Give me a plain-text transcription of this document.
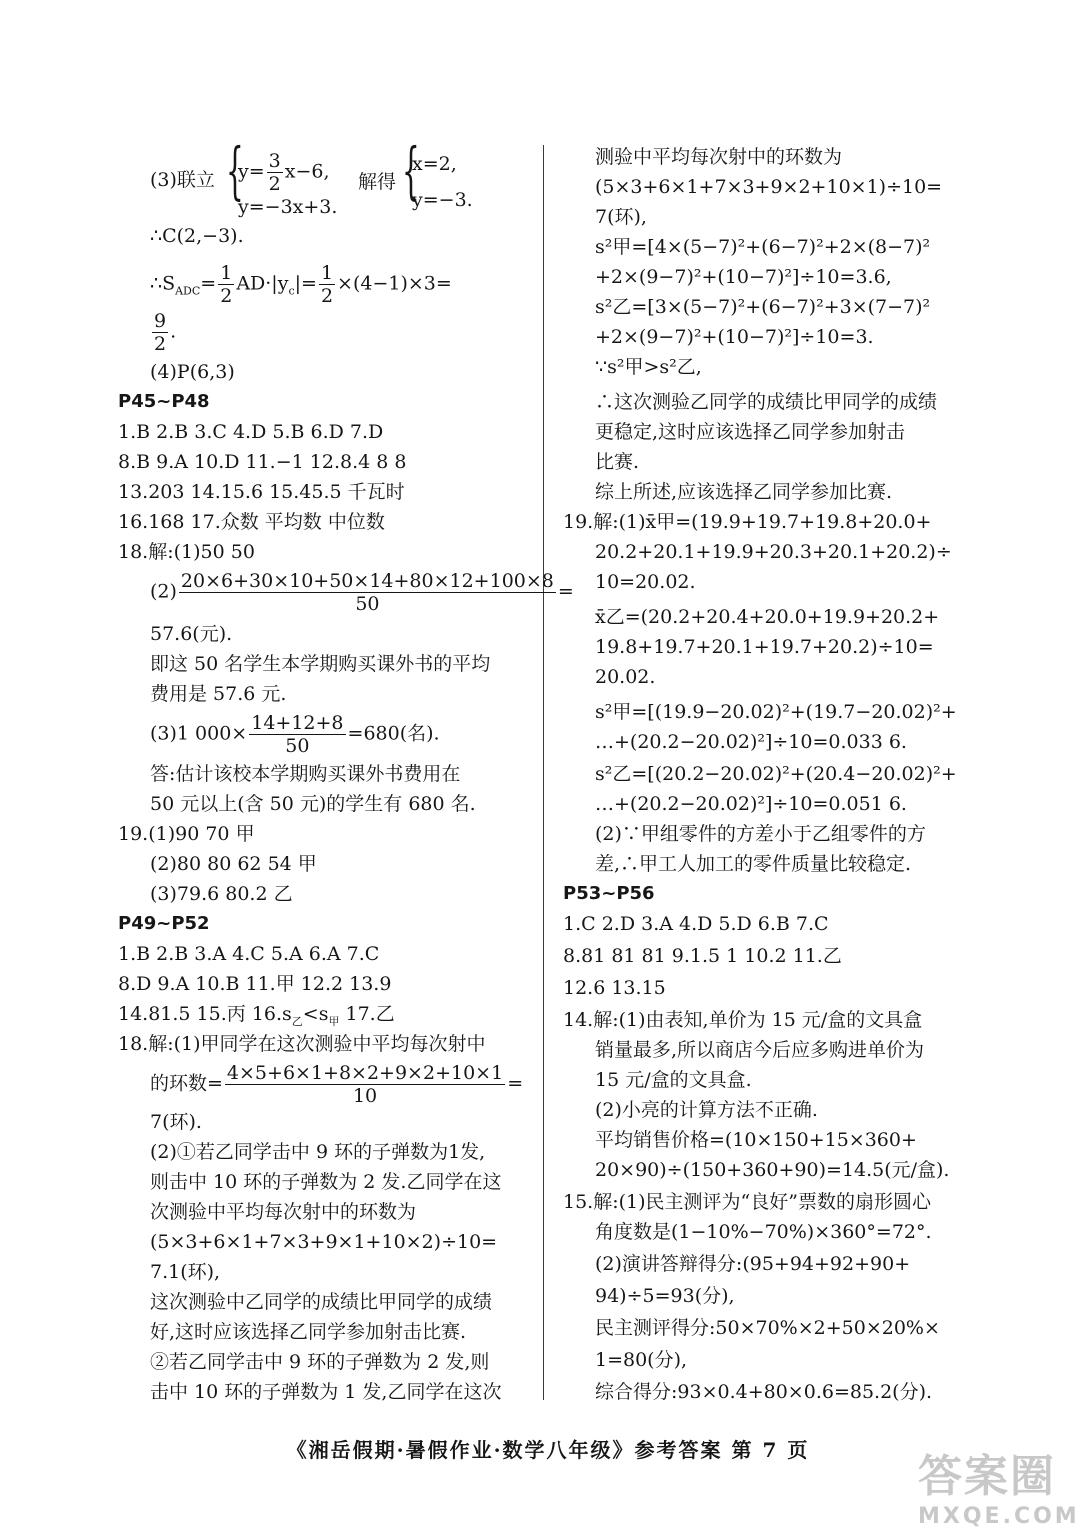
(3)联立 {
$y= \frac{3}{2} x-6$,
y=−3x+3.
解得 {
x=2,
y=−3.
∴C(2,−3).
$\therefore S_{ADC}= \frac{1}{2} AD\cdot|y_c|= \frac{1}{2} \times(4-1)\times 3=$
$\frac{9}{2}$ .
(4)P(6,3)
P45~P48
1.B 2.B 3.C 4.D 5.B 6.D 7.D
8.B 9.A 10.D 11.−1 12.8.4 8 8
13.203 14.15.6 15.45.5 千瓦时
16.168 17.众数 平均数 中位数
18.解:(1)50 50
$(2) \frac{20\times 6+30\times 10+50\times 14+80\times 12+100\times 8}{50}$ =
57.6(元).
即这 50 名学生本学期购买课外书的平均
费用是 57.6 元.
(3)1 $000\times \frac{14+12+8}{50} =680$(名).
答:估计该校本学期购买课外书费用在
50 元以上(含 50 元)的学生有 680 名.
19.(1)90 70 甲
(2)80 80 62 54 甲
(3)79.6 80.2 乙
P49~P52
1.B 2.B 3.A 4.C 5.A 6.A 7.C
8.D 9.A 10.B 11.甲 12.2 13.9
14.81.5 15.丙 $16.s_乙<s_甲$ 17.乙
18.解:(1)甲同学在这次测验中平均每次射中
的环数= $\frac{4\times 5+6\times 1+8\times 2+9\times 2+10\times 1}{10}$ =
7(环).
(2)①若乙同学击中 9 环的子弹数为1发,
则击中 10 环的子弹数为 2 发.乙同学在这
次测验中平均每次射中的环数为
(5×3+6×1+7×3+9×1+10×2)÷10=
7.1(环),
这次测验中乙同学的成绩比甲同学的成绩
好,这时应该选择乙同学参加射击比赛.
②若乙同学击中 9 环的子弹数为 2 发,则
击中 10 环的子弹数为 1 发,乙同学在这次
测验中平均每次射中的环数为
(5×3+6×1+7×3+9×2+10×1)÷10=
7(环),
s²甲=[4×(5−7)²+(6−7)²+2×(8−7)²
+2×(9−7)²+(10−7)²]÷10=3.6,
s²乙=[3×(5−7)²+(6−7)²+3×(7−7)²
+2×(9−7)²+(10−7)²]÷10=3.
∵s²甲>s²乙,
∴这次测验乙同学的成绩比甲同学的成绩
更稳定,这时应该选择乙同学参加射击
比赛.
综上所述,应该选择乙同学参加比赛.
19.解:(1)x̄甲=(19.9+19.7+19.8+20.0+
20.2+20.1+19.9+20.3+20.1+20.2)÷
10=20.02.
x̄乙=(20.2+20.4+20.0+19.9+20.2+
19.8+19.7+20.1+19.7+20.2)÷10=
20.02.
s²甲=[(19.9−20.02)²+(19.7−20.02)²+
…+(20.2−20.02)²]÷10=0.033 6.
s²乙=[(20.2−20.02)²+(20.4−20.02)²+
…+(20.2−20.02)²]÷10=0.051 6.
(2)∵甲组零件的方差小于乙组零件的方
差,∴甲工人加工的零件质量比较稳定.
P53~P56
1.C 2.D 3.A 4.D 5.D 6.B 7.C
8.81 81 81 9.1.5 1 10.2 11.乙
12.6 13.15
14.解:(1)由表知,单价为 15 元/盒的文具盒
销量最多,所以商店今后应多购进单价为
15 元/盒的文具盒.
(2)小亮的计算方法不正确.
平均销售价格=(10×150+15×360+
20×90)÷(150+360+90)=14.5(元/盒).
15.解:(1)民主测评为“良好”票数的扇形圆心
角度数是(1−10%−70%)×360°=72°.
(2)演讲答辩得分:(95+94+92+90+
94)÷5=93(分),
民主测评得分:50×70%×2+50×20%×
1=80(分),
综合得分:93×0.4+80×0.6=85.2(分).
《湘岳假期·暑假作业·数学八年级》参考答案 第 7 页
答案圈
MXQE.COM
